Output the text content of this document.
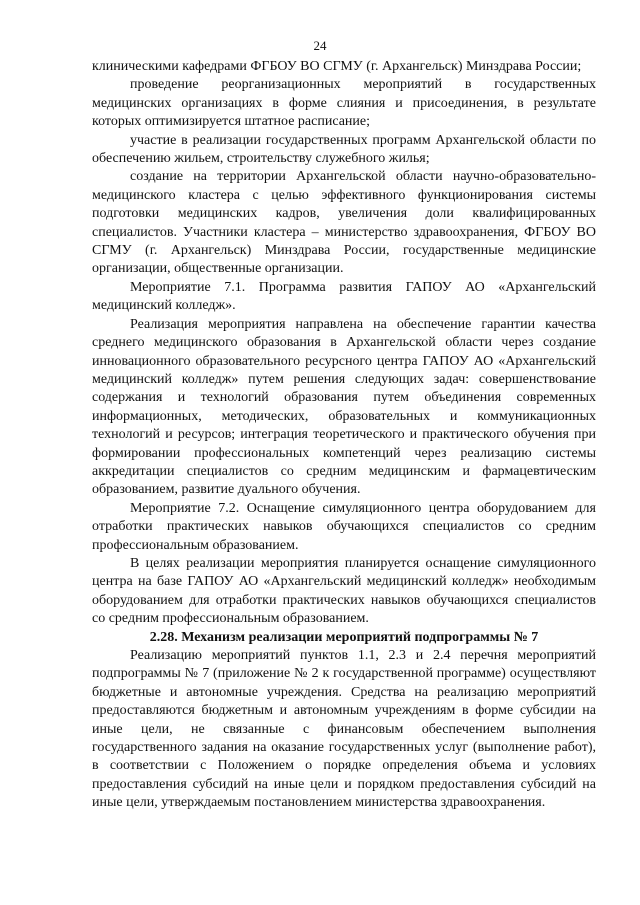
24

клиническими кафедрами ФГБОУ ВО СГМУ (г. Архангельск) Минздрава России;

проведение реорганизационных мероприятий в государственных медицинских организациях в форме слияния и присоединения, в результате которых оптимизируется штатное расписание;

участие в реализации государственных программ Архангельской области по обеспечению жильем, строительству служебного жилья;

создание на территории Архангельской области научно-образовательно-медицинского кластера с целью эффективного функционирования системы подготовки медицинских кадров, увеличения доли квалифицированных специалистов. Участники кластера – министерство здравоохранения, ФГБОУ ВО СГМУ (г. Архангельск) Минздрава России, государственные медицинские организации, общественные организации.

Мероприятие 7.1. Программа развития ГАПОУ АО «Архангельский медицинский колледж».

Реализация мероприятия направлена на обеспечение гарантии качества среднего медицинского образования в Архангельской области через создание инновационного образовательного ресурсного центра ГАПОУ АО «Архангельский медицинский колледж» путем решения следующих задач: совершенствование содержания и технологий образования путем объединения современных информационных, методических, образовательных и коммуникационных технологий и ресурсов; интеграция теоретического и практического обучения при формировании профессиональных компетенций через реализацию системы аккредитации специалистов со средним медицинским и фармацевтическим образованием, развитие дуального обучения.

Мероприятие 7.2. Оснащение симуляционного центра оборудованием для отработки практических навыков обучающихся специалистов со средним профессиональным образованием.

В целях реализации мероприятия планируется оснащение симуляционного центра на базе ГАПОУ АО «Архангельский медицинский колледж» необходимым оборудованием для отработки практических навыков обучающихся специалистов со средним профессиональным образованием.

2.28. Механизм реализации мероприятий подпрограммы № 7

Реализацию мероприятий пунктов 1.1, 2.3 и 2.4 перечня мероприятий подпрограммы № 7 (приложение № 2 к государственной программе) осуществляют бюджетные и автономные учреждения. Средства на реализацию мероприятий предоставляются бюджетным и автономным учреждениям в форме субсидии на иные цели, не связанные с финансовым обеспечением выполнения государственного задания на оказание государственных услуг (выполнение работ), в соответствии с Положением о порядке определения объема и условиях предоставления субсидий на иные цели и порядком предоставления субсидий на иные цели, утверждаемым постановлением министерства здравоохранения.
